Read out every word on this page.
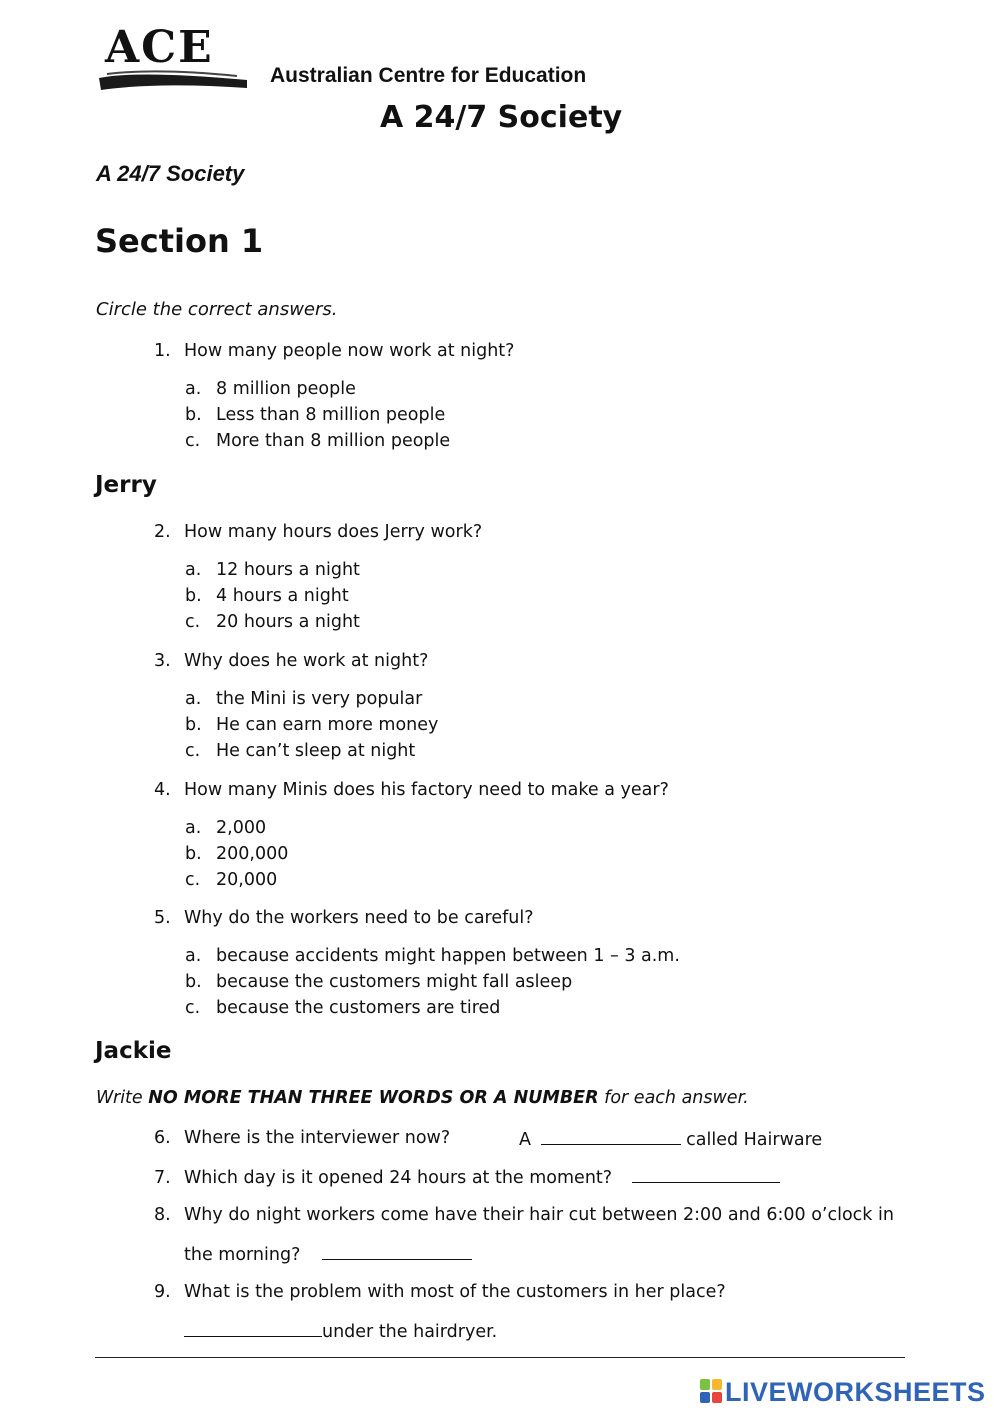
ACE
Australian Centre for Education
A 24/7 Society
A 24/7 Society
Section 1
Circle the correct answers.
1. How many people now work at night?
a. 8 million people
b. Less than 8 million people
c. More than 8 million people
Jerry
2. How many hours does Jerry work?
a. 12 hours a night
b. 4 hours a night
c. 20 hours a night
3. Why does he work at night?
a. the Mini is very popular
b. He can earn more money
c. He can’t sleep at night
4. How many Minis does his factory need to make a year?
a. 2,000
b. 200,000
c. 20,000
5. Why do the workers need to be careful?
a. because accidents might happen between 1 – 3 a.m.
b. because the customers might fall asleep
c. because the customers are tired
Jackie
Write NO MORE THAN THREE WORDS OR A NUMBER for each answer.
6. Where is the interviewer now?	A	called Hairware
7. Which day is it opened 24 hours at the moment?
8. Why do night workers come have their hair cut between 2:00 and 6:00 o’clock in
the morning?
9. What is the problem with most of the customers in her place?
under the hairdryer.
LIVEWORKSHEETS
